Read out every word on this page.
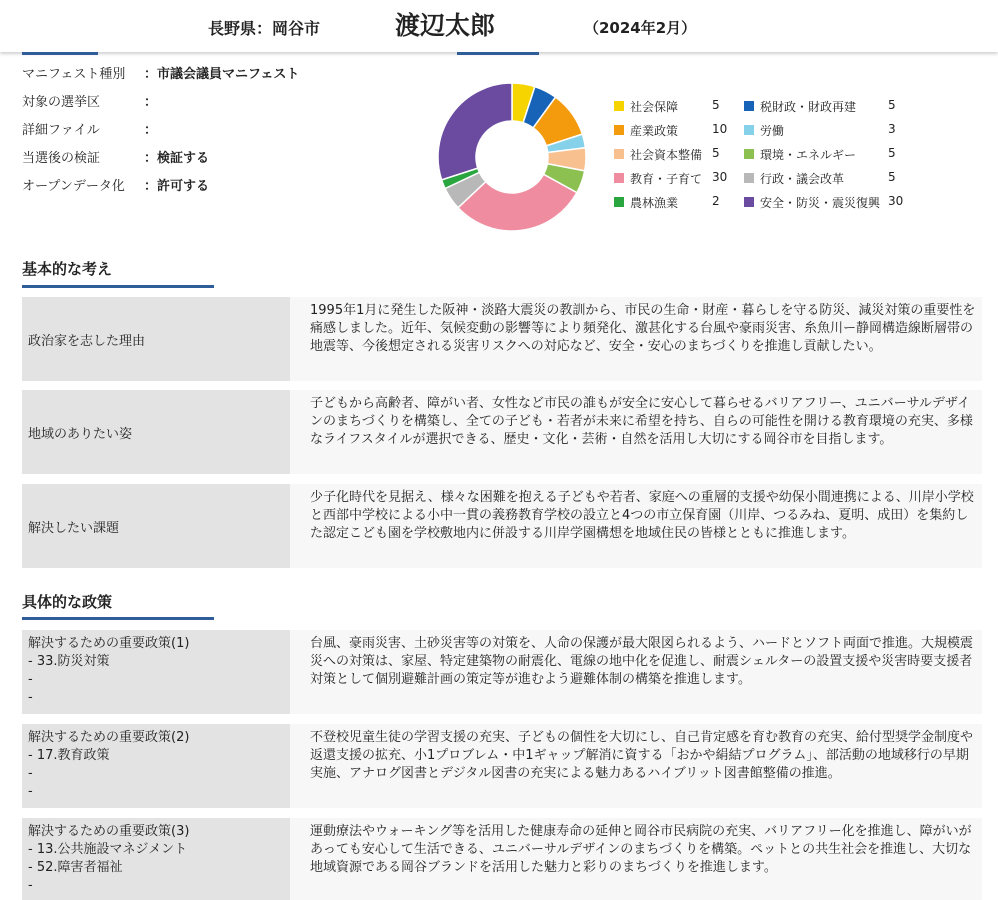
長野県：岡谷市	渡辺太郎	（2024年2月）
マニフェスト種別	：市議会議員マニフェスト
対象の選挙区	：
詳細ファイル	：
当選後の検証	：検証する
オープンデータ化	：許可する
社会保障	5	税財政・財政再建	5
産業政策	10	労働	3
社会資本整備 5	環境・エネルギー	5
教育・子育て 30	行政・議会改革	5
農林漁業	2	安全・防災・震災復興 30
基本的な考え
政治家を志した理由
1995年1月に発生した阪神・淡路大震災の教訓から、市民の生命・財産・暮らしを守る防災、減災対策の重要性を痛感しました。近年、気候変動の影響等により頻発化、激甚化する台風や豪雨災害、糸魚川ー静岡構造線断層帯の地震等、今後想定される災害リスクへの対応など、安全・安心のまちづくりを推進し貢献したい。
地域のありたい姿
子どもから高齢者、障がい者、女性など市民の誰もが安全に安心して暮らせるバリアフリー、ユニバーサルデザインのまちづくりを構築し、全ての子ども・若者が未来に希望を持ち、自らの可能性を開ける教育環境の充実、多様なライフスタイルが選択できる、歴史・文化・芸術・自然を活用し大切にする岡谷市を目指します。
解決したい課題
少子化時代を見据え、様々な困難を抱える子どもや若者、家庭への重層的支援や幼保小間連携による、川岸小学校と西部中学校による小中一貫の義務教育学校の設立と4つの市立保育園（川岸、つるみね、夏明、成田）を集約した認定こども園を学校敷地内に併設する川岸学園構想を地域住民の皆様とともに推進します。
具体的な政策
解決するための重要政策(1)
- 33.防災対策
-
-
台風、豪雨災害、土砂災害等の対策を、人命の保護が最大限図られるよう、ハードとソフト両面で推進。大規模震災への対策は、家屋、特定建築物の耐震化、電線の地中化を促進し、耐震シェルターの設置支援や災害時要支援者対策として個別避難計画の策定等が進むよう避難体制の構築を推進します。
解決するための重要政策(2)
- 17.教育政策
-
-
不登校児童生徒の学習支援の充実、子どもの個性を大切にし、自己肯定感を育む教育の充実、給付型奨学金制度や返還支援の拡充、小1プロブレム・中1ギャップ解消に資する「おかや絹結プログラム」、部活動の地域移行の早期実施、アナログ図書とデジタル図書の充実による魅力あるハイブリット図書館整備の推進。
解決するための重要政策(3)
- 13.公共施設マネジメント
- 52.障害者福祉
-
運動療法やウォーキング等を活用した健康寿命の延伸と岡谷市民病院の充実、バリアフリー化を推進し、障がいがあっても安心して生活できる、ユニバーサルデザインのまちづくりを構築。ペットとの共生社会を推進し、大切な地域資源である岡谷ブランドを活用した魅力と彩りのまちづくりを推進します。
